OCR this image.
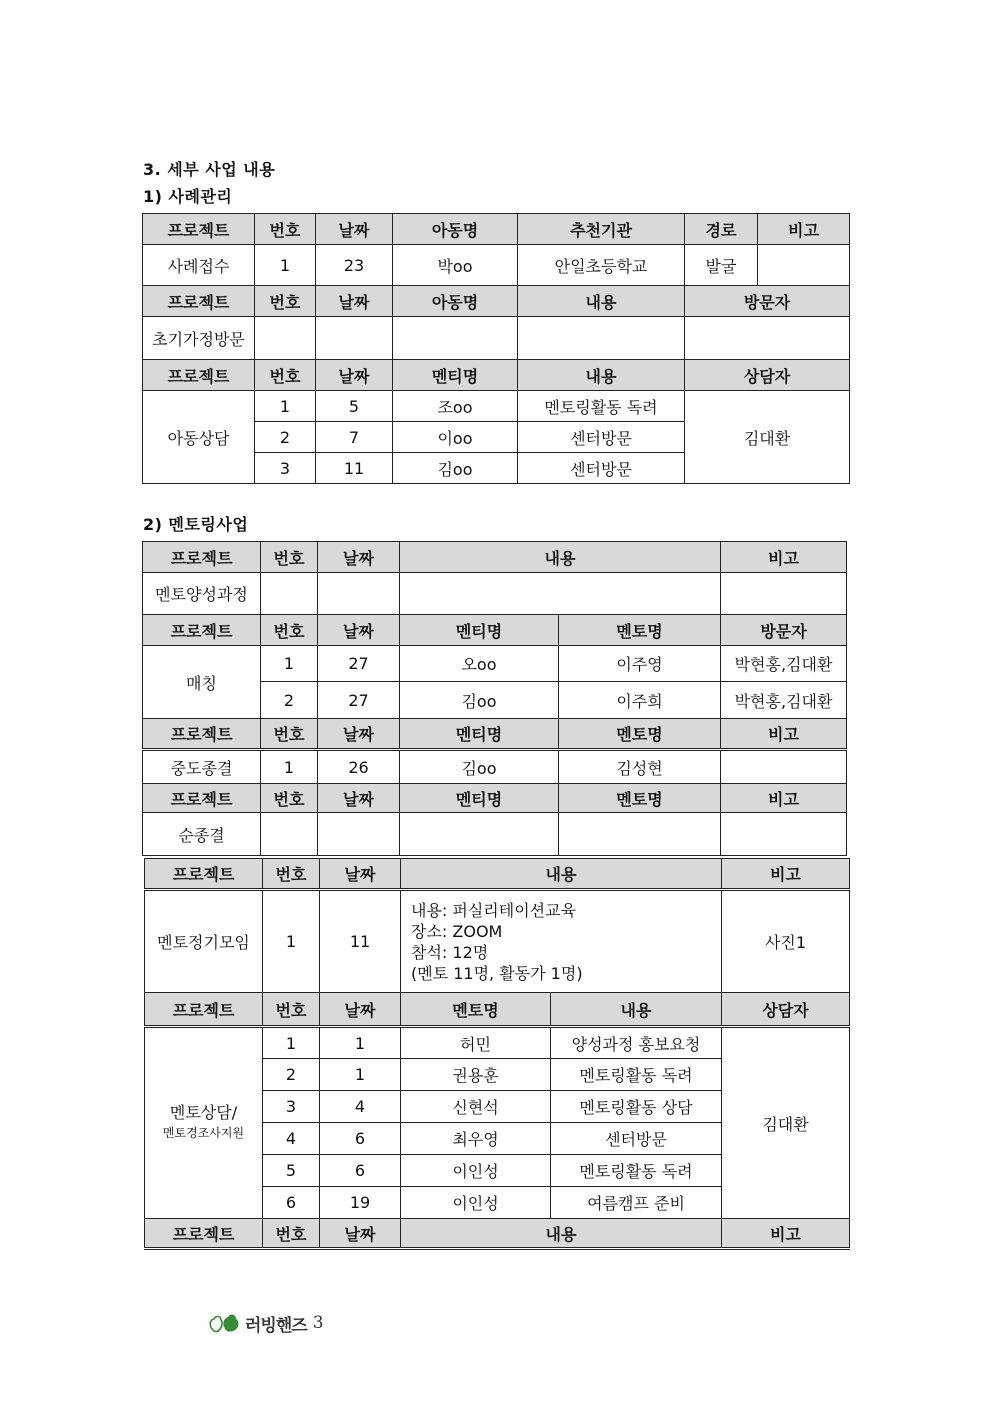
3. 세부 사업 내용
1) 사례관리
프로젝트	번호	날짜	아동명	추천기관	경로	비고
사례접수	1	23	박oo	안일초등학교	발굴	
프로젝트	번호	날짜	아동명	내용	방문자	
초기가정방문						
프로젝트	번호	날짜	멘티명	내용	상담자	
아동상담	1	5	조oo	멘토링활동 독려	김대환	
	2	7	이oo	센터방문		
	3	11	김oo	센터방문		
2) 멘토링사업
프로젝트	번호	날짜	내용		비고
멘토양성과정					
프로젝트	번호	날짜	멘티명	멘토명	방문자
매칭	1	27	오oo	이주영	박현홍,김대환
	2	27	김oo	이주희	박현홍,김대환
프로젝트	번호	날짜	멘티명	멘토명	비고
중도종결	1	26	김oo	김성현	
프로젝트	번호	날짜	멘티명	멘토명	비고
순종결					
프로젝트	번호	날짜	내용		비고
멘토정기모임	1	11	내용: 퍼실리테이션교육
장소: ZOOM
참석: 12명
(멘토 11명, 활동가 1명)		사진1
프로젝트	번호	날짜	멘토명	내용	상담자

멘토상담/
멘토경조사지원	1	1	허민	양성과정 홍보요청	김대환
	2	1	권용훈	멘토링활동 독려	
	3	4	신현석	멘토링활동 상담	
	4	6	최우영	센터방문	
	5	6	이인성	멘토링활동 독려	
	6	19	이인성	여름캠프 준비	
프로젝트	번호	날짜	내용		비고
러빙핸즈 3
